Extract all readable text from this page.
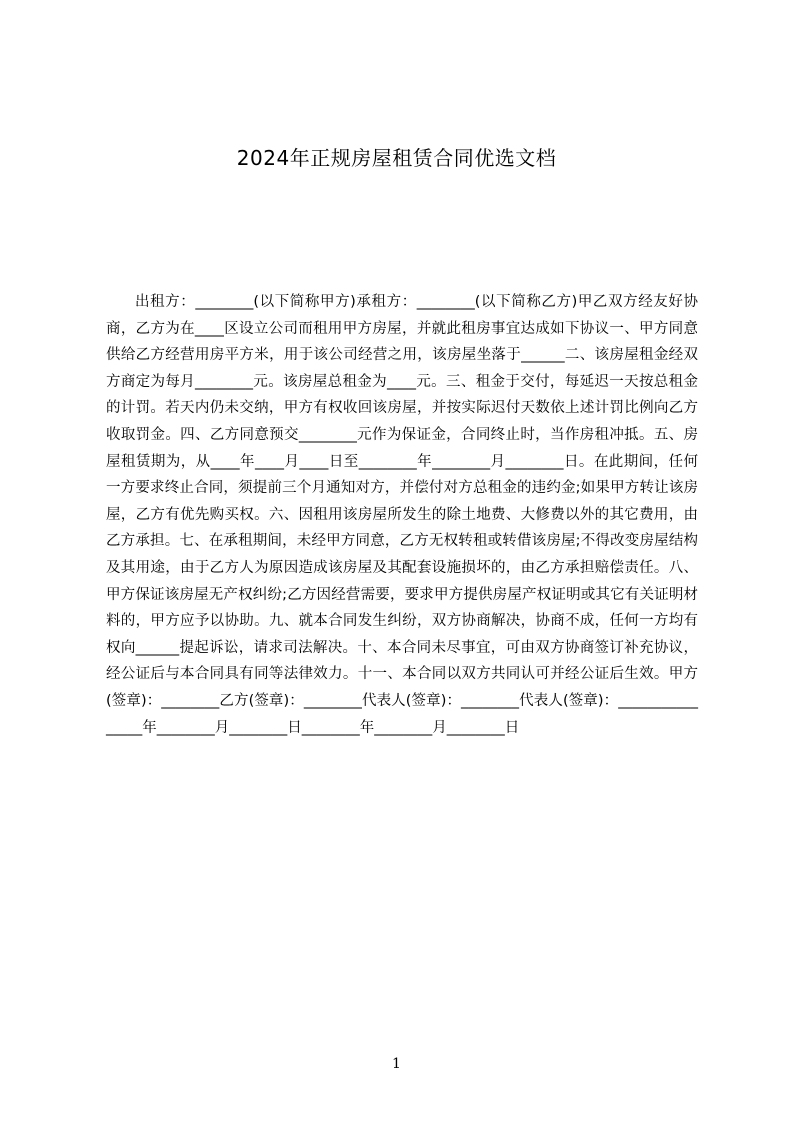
2024年正规房屋租赁合同优选文档

出租方：________(以下简称甲方)承租方：________(以下简称乙方)甲乙双方经友好协商，乙方为在____区设立公司而租用甲方房屋，并就此租房事宜达成如下协议一、甲方同意供给乙方经营用房平方米，用于该公司经营之用，该房屋坐落于______二、该房屋租金经双方商定为每月________元。该房屋总租金为____元。三、租金于交付，每延迟一天按总租金的计罚。若天内仍未交纳，甲方有权收回该房屋，并按实际迟付天数依上述计罚比例向乙方收取罚金。四、乙方同意预交________元作为保证金，合同终止时，当作房租冲抵。五、房屋租赁期为，从____年____月____日至________年________月________日。在此期间，任何一方要求终止合同，须提前三个月通知对方，并偿付对方总租金的违约金;如果甲方转让该房屋，乙方有优先购买权。六、因租用该房屋所发生的除土地费、大修费以外的其它费用，由乙方承担。七、在承租期间，未经甲方同意，乙方无权转租或转借该房屋;不得改变房屋结构及其用途，由于乙方人为原因造成该房屋及其配套设施损坏的，由乙方承担赔偿责任。八、甲方保证该房屋无产权纠纷;乙方因经营需要，要求甲方提供房屋产权证明或其它有关证明材料的，甲方应予以协助。九、就本合同发生纠纷，双方协商解决，协商不成，任何一方均有权向______提起诉讼，请求司法解决。十、本合同未尽事宜，可由双方协商签订补充协议，经公证后与本合同具有同等法律效力。十一、本合同以双方共同认可并经公证后生效。甲方(签章)：________乙方(签章)：________代表人(签章)：________代表人(签章)：________________年________月________日________年________月________日

1
